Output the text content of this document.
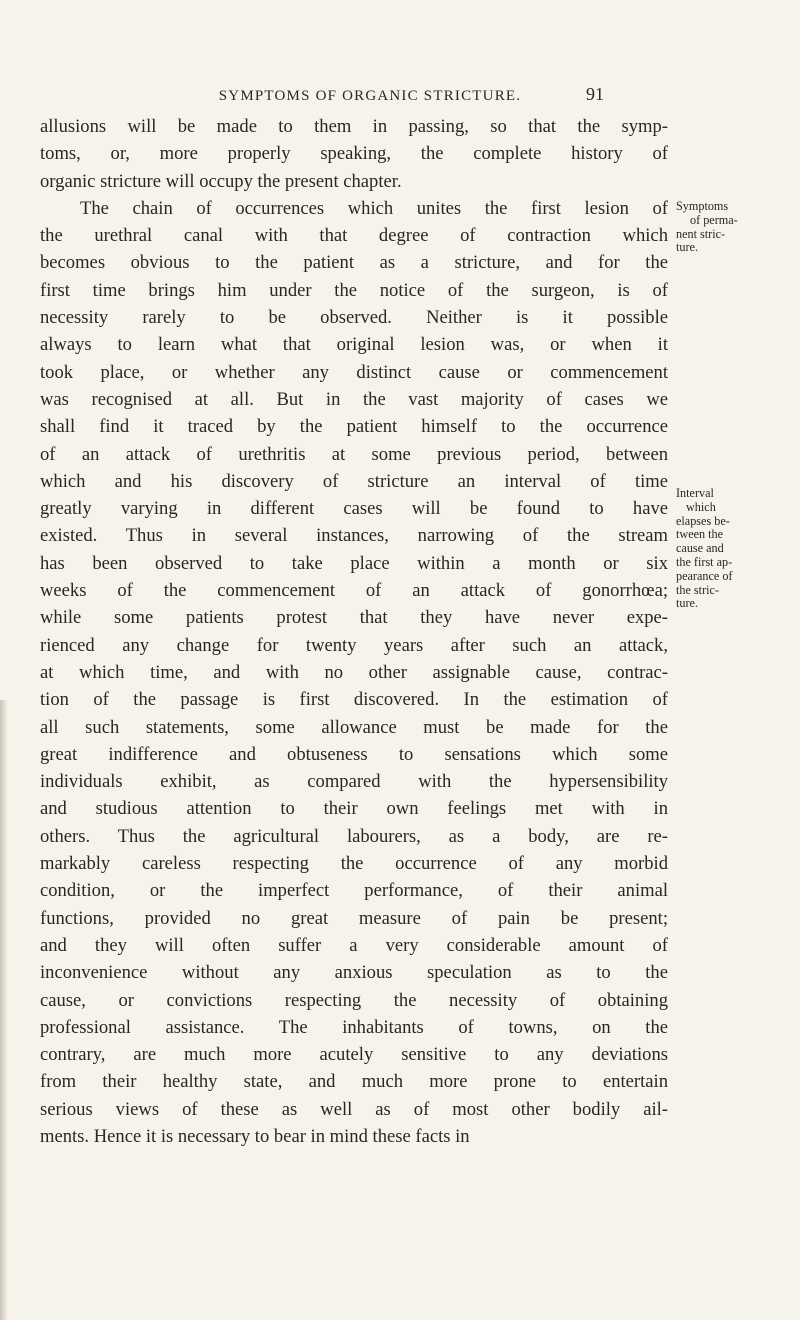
SYMPTOMS OF ORGANIC STRICTURE.	91
allusions will be made to them in passing, so that the symp-
toms, or, more properly speaking, the complete history of
organic stricture will occupy the present chapter.
The chain of occurrences which unites the first lesion of
the urethral canal with that degree of contraction which
becomes obvious to the patient as a stricture, and for the
first time brings him under the notice of the surgeon, is of
necessity rarely to be observed. Neither is it possible
always to learn what that original lesion was, or when it
took place, or whether any distinct cause or commencement
was recognised at all. But in the vast majority of cases we
shall find it traced by the patient himself to the occurrence
of an attack of urethritis at some previous period, between
which and his discovery of stricture an interval of time
greatly varying in different cases will be found to have
existed. Thus in several instances, narrowing of the stream
has been observed to take place within a month or six
weeks of the commencement of an attack of gonorrhœa;
while some patients protest that they have never expe-
rienced any change for twenty years after such an attack,
at which time, and with no other assignable cause, contrac-
tion of the passage is first discovered. In the estimation of
all such statements, some allowance must be made for the
great indifference and obtuseness to sensations which some
individuals exhibit, as compared with the hypersensibility
and studious attention to their own feelings met with in
others. Thus the agricultural labourers, as a body, are re-
markably careless respecting the occurrence of any morbid
condition, or the imperfect performance, of their animal
functions, provided no great measure of pain be present;
and they will often suffer a very considerable amount of
inconvenience without any anxious speculation as to the
cause, or convictions respecting the necessity of obtaining
professional assistance. The inhabitants of towns, on the
contrary, are much more acutely sensitive to any deviations
from their healthy state, and much more prone to entertain
serious views of these as well as of most other bodily ail-
ments. Hence it is necessary to bear in mind these facts in
Symptoms
of perma-
nent stric-
ture.
Interval
which
elapses be-
tween the
cause and
the first ap-
pearance of
the stric-
ture.
